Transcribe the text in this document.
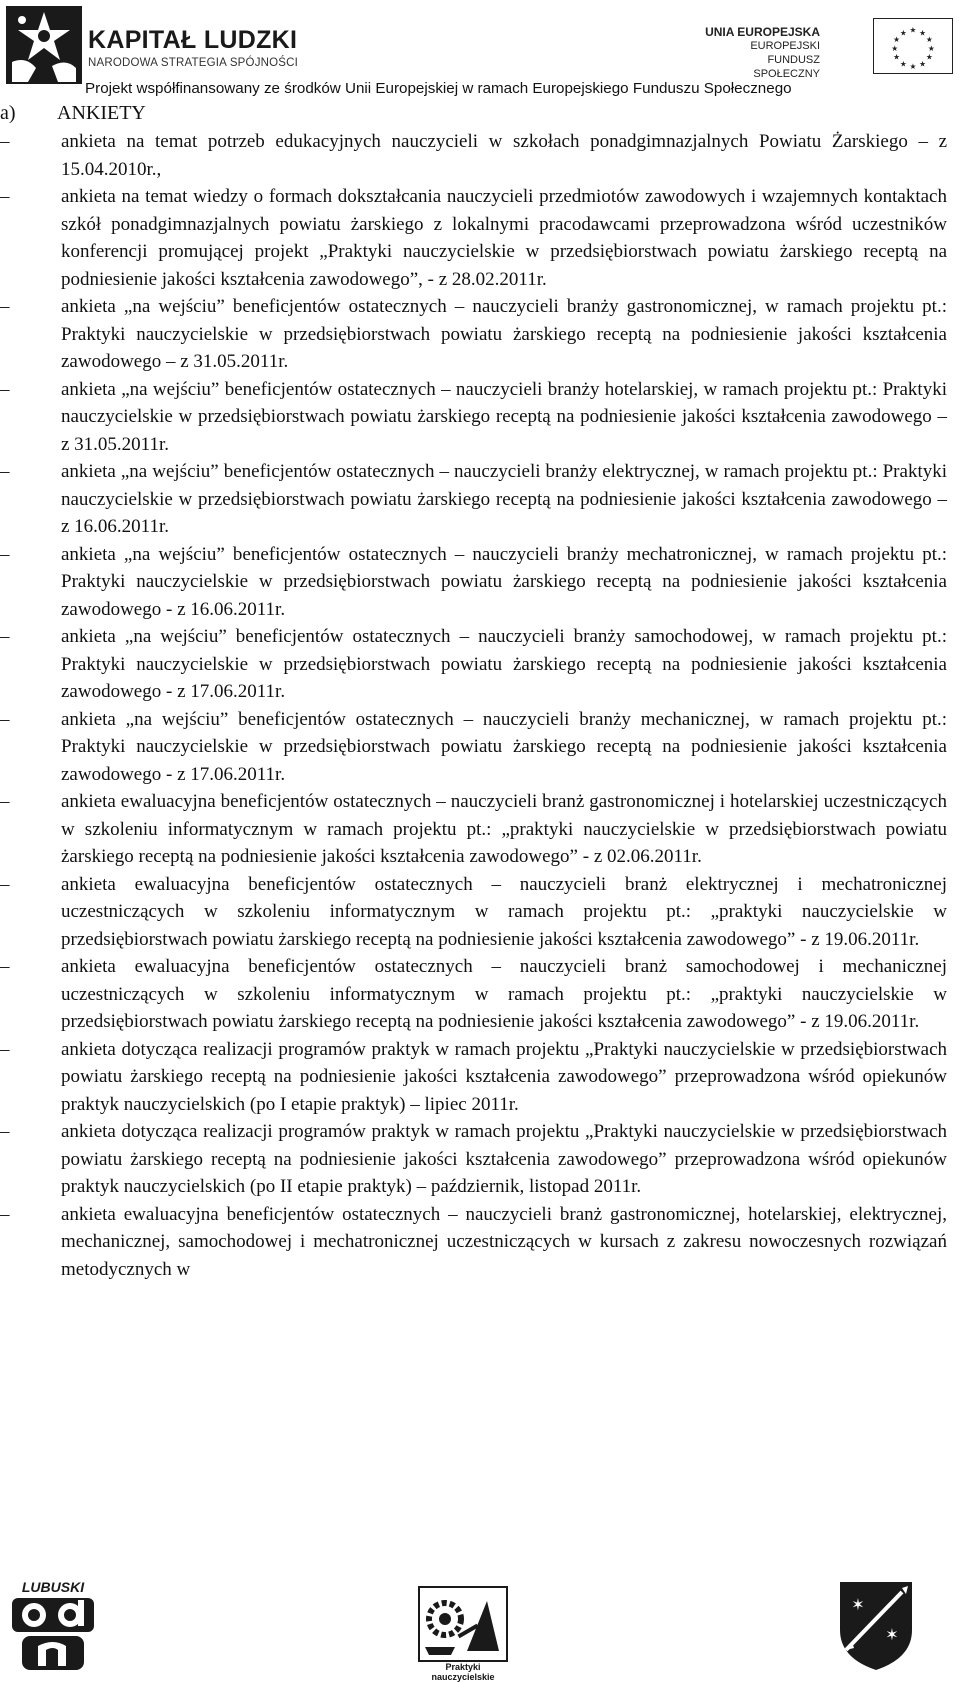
KAPITAŁ LUDZKI
NARODOWA STRATEGIA SPÓJNOŚCI
UNIA EUROPEJSKA
EUROPEJSKI
FUNDUSZ SPOŁECZNY
★ ★
★
★
★
★
★
★
★
★
★
★
Projekt współfinansowany ze środków Unii Europejskiej w ramach Europejskiego Funduszu Społecznego
a) ANKIETY
–	ankieta na temat potrzeb edukacyjnych nauczycieli w szkołach ponadgimnazjalnych Powiatu Żarskiego – z 15.04.2010r.,
–	ankieta na temat wiedzy o formach dokształcania nauczycieli przedmiotów zawodowych i wzajemnych kontaktach szkół ponadgimnazjalnych powiatu żarskiego z lokalnymi pracodawcami przeprowadzona wśród uczestników konferencji promującej projekt „Praktyki nauczycielskie w przedsiębiorstwach powiatu żarskiego receptą na podniesienie jakości kształcenia zawodowego”, - z 28.02.2011r.
–	ankieta „na wejściu” beneficjentów ostatecznych – nauczycieli branży gastronomicznej, w ramach projektu pt.: Praktyki nauczycielskie w przedsiębiorstwach powiatu żarskiego receptą na podniesienie jakości kształcenia zawodowego – z 31.05.2011r.
–	ankieta „na wejściu” beneficjentów ostatecznych – nauczycieli branży hotelarskiej, w ramach projektu pt.: Praktyki nauczycielskie w przedsiębiorstwach powiatu żarskiego receptą na podniesienie jakości kształcenia zawodowego – z 31.05.2011r.
–	ankieta „na wejściu” beneficjentów ostatecznych – nauczycieli branży elektrycznej, w ramach projektu pt.: Praktyki nauczycielskie w przedsiębiorstwach powiatu żarskiego receptą na podniesienie jakości kształcenia zawodowego – z 16.06.2011r.
–	ankieta „na wejściu” beneficjentów ostatecznych – nauczycieli branży mechatronicznej, w ramach projektu pt.: Praktyki nauczycielskie w przedsiębiorstwach powiatu żarskiego receptą na podniesienie jakości kształcenia zawodowego - z 16.06.2011r.
–	ankieta „na wejściu” beneficjentów ostatecznych – nauczycieli branży samochodowej, w ramach projektu pt.: Praktyki nauczycielskie w przedsiębiorstwach powiatu żarskiego receptą na podniesienie jakości kształcenia zawodowego - z 17.06.2011r.
–	ankieta „na wejściu” beneficjentów ostatecznych – nauczycieli branży mechanicznej, w ramach projektu pt.: Praktyki nauczycielskie w przedsiębiorstwach powiatu żarskiego receptą na podniesienie jakości kształcenia zawodowego - z 17.06.2011r.
–	ankieta ewaluacyjna beneficjentów ostatecznych – nauczycieli branż gastronomicznej i hotelarskiej uczestniczących w szkoleniu informatycznym w ramach projektu pt.: „praktyki nauczycielskie w przedsiębiorstwach powiatu żarskiego receptą na podniesienie jakości kształcenia zawodowego” - z 02.06.2011r.
–	ankieta ewaluacyjna beneficjentów ostatecznych – nauczycieli branż elektrycznej i mechatronicznej uczestniczących w szkoleniu informatycznym w ramach projektu pt.: „praktyki nauczycielskie w przedsiębiorstwach powiatu żarskiego receptą na podniesienie jakości kształcenia zawodowego” - z 19.06.2011r.
–	ankieta ewaluacyjna beneficjentów ostatecznych – nauczycieli branż samochodowej i mechanicznej uczestniczących w szkoleniu informatycznym w ramach projektu pt.: „praktyki nauczycielskie w przedsiębiorstwach powiatu żarskiego receptą na podniesienie jakości kształcenia zawodowego” - z 19.06.2011r.
–	ankieta dotycząca realizacji programów praktyk w ramach projektu „Praktyki nauczycielskie w przedsiębiorstwach powiatu żarskiego receptą na podniesienie jakości kształcenia zawodowego” przeprowadzona wśród opiekunów praktyk nauczycielskich (po I etapie praktyk) – lipiec 2011r.
–	ankieta dotycząca realizacji programów praktyk w ramach projektu „Praktyki nauczycielskie w przedsiębiorstwach powiatu żarskiego receptą na podniesienie jakości kształcenia zawodowego” przeprowadzona wśród opiekunów praktyk nauczycielskich (po II etapie praktyk) – październik, listopad 2011r.
–	ankieta ewaluacyjna beneficjentów ostatecznych – nauczycieli branż gastronomicznej, hotelarskiej, elektrycznej, mechanicznej, samochodowej i mechatronicznej uczestniczących w kursach z zakresu nowoczesnych rozwiązań metodycznych w
LUBUSKI
Praktyki nauczycielskie
✶
✶
